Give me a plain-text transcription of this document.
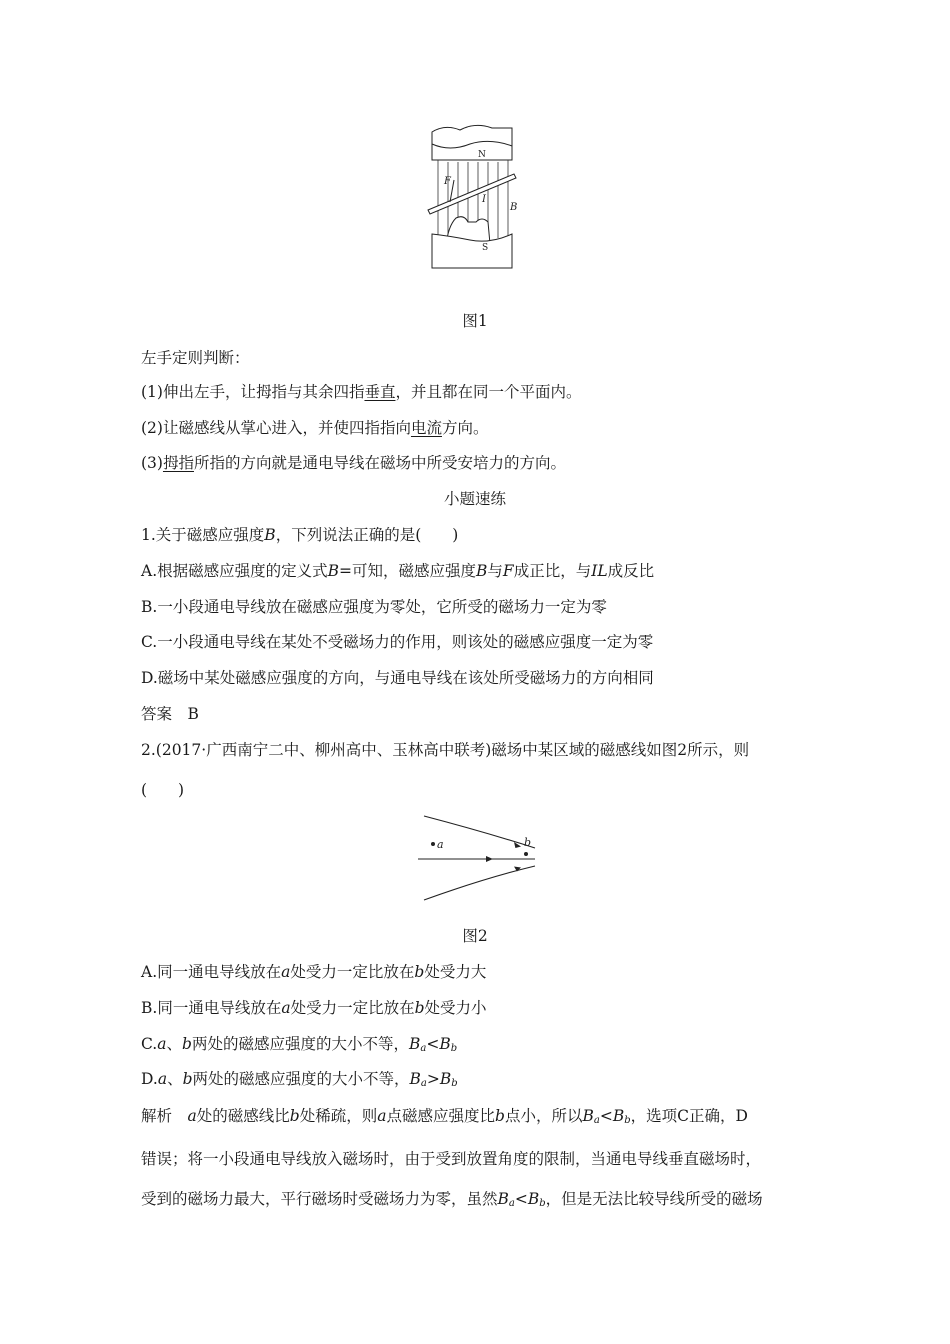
N
F
I
B
S
图1
左手定则判断：
(1)伸出左手，让拇指与其余四指垂直，并且都在同一个平面内。
(2)让磁感线从掌心进入，并使四指指向电流方向。
(3)拇指所指的方向就是通电导线在磁场中所受安培力的方向。
小题速练
1.关于磁感应强度B，下列说法正确的是(　　)
A.根据磁感应强度的定义式B=可知，磁感应强度B与F成正比，与IL成反比
B.一小段通电导线放在磁感应强度为零处，它所受的磁场力一定为零
C.一小段通电导线在某处不受磁场力的作用，则该处的磁感应强度一定为零
D.磁场中某处磁感应强度的方向，与通电导线在该处所受磁场力的方向相同
答案　B
2.(2017·广西南宁二中、柳州高中、玉林高中联考)磁场中某区域的磁感线如图2所示，则
(　　)
a	b
图2
A.同一通电导线放在a处受力一定比放在b处受力大
B.同一通电导线放在a处受力一定比放在b处受力小
C.a、b两处的磁感应强度的大小不等，$B_a<B_b$
D.a、b两处的磁感应强度的大小不等，$B_a>B_b$
解析　a处的磁感线比b处稀疏，则a点磁感应强度比b点小，所以$B_a<B_b$，选项C正确，D
错误；将一小段通电导线放入磁场时，由于受到放置角度的限制，当通电导线垂直磁场时，
受到的磁场力最大，平行磁场时受磁场力为零，虽然$B_a<B_b$，但是无法比较导线所受的磁场
